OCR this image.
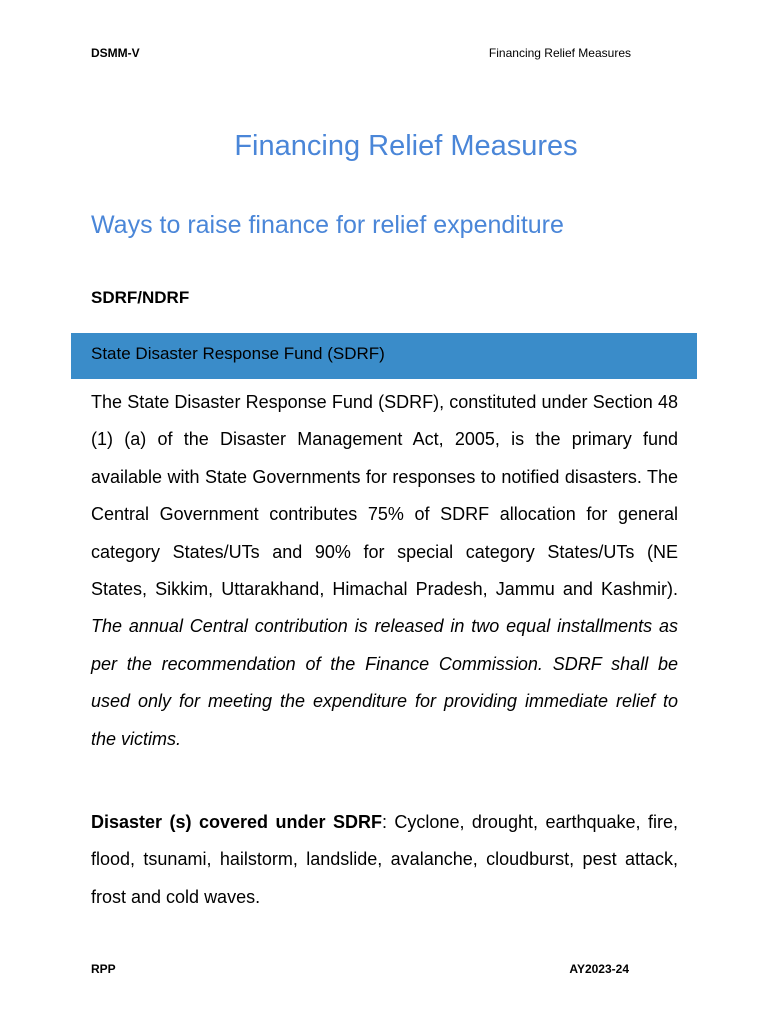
DSMM-V	Financing Relief Measures
Financing Relief Measures
Ways to raise finance for relief expenditure
SDRF/NDRF
State Disaster Response Fund (SDRF)

The State Disaster Response Fund (SDRF), constituted under Section 48 (1) (a) of the Disaster Management Act, 2005, is the primary fund available with State Governments for responses to notified disasters. The Central Government contributes 75% of SDRF allocation for general category States/UTs and 90% for special category States/UTs (NE States, Sikkim, Uttarakhand, Himachal Pradesh, Jammu and Kashmir). The annual Central contribution is released in two equal installments as per the recommendation of the Finance Commission. SDRF shall be used only for meeting the expenditure for providing immediate relief to the victims.

Disaster (s) covered under SDRF: Cyclone, drought, earthquake, fire, flood, tsunami, hailstorm, landslide, avalanche, cloudburst, pest attack, frost and cold waves.

RPP	AY2023-24
